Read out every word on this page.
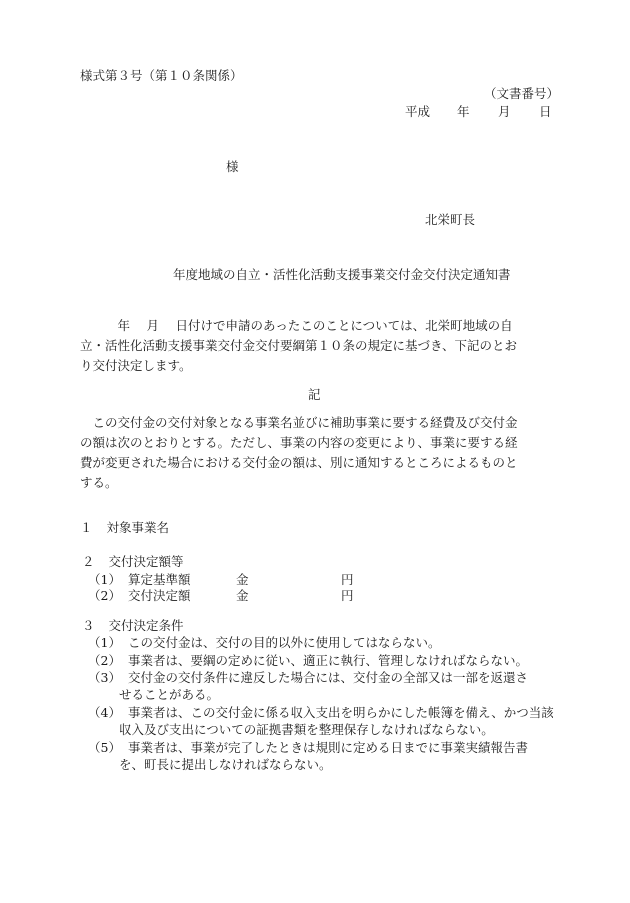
様式第３号（第１０条関係）
（文書番号）
平成 年 月 日
様
北栄町長
年度地域の自立・活性化活動支援事業交付金交付決定通知書
　　　年　 月　 日付けで申請のあったこのことについては、北栄町地域の自
立・活性化活動支援事業交付金交付要綱第１０条の規定に基づき、下記のとお
り交付決定します。
記
　この交付金の交付対象となる事業名並びに補助事業に要する経費及び交付金
の額は次のとおりとする。ただし、事業の内容の変更により、事業に要する経
費が変更された場合における交付金の額は、別に通知するところによるものと
する。
１ 対象事業名
２ 交付決定額等
（1） 算定基準額	金	円
（2） 交付決定額	金	円
３ 交付決定条件
（1） この交付金は、交付の目的以外に使用してはならない。
（2） 事業者は、要綱の定めに従い、適正に執行、管理しなければならない。
（3） 交付金の交付条件に違反した場合には、交付金の全部又は一部を返還さ
せることがある。
（4） 事業者は、この交付金に係る収入支出を明らかにした帳簿を備え、かつ当該
収入及び支出についての証拠書類を整理保存しなければならない。
（5） 事業者は、事業が完了したときは規則に定める日までに事業実績報告書
を、町長に提出しなければならない。
